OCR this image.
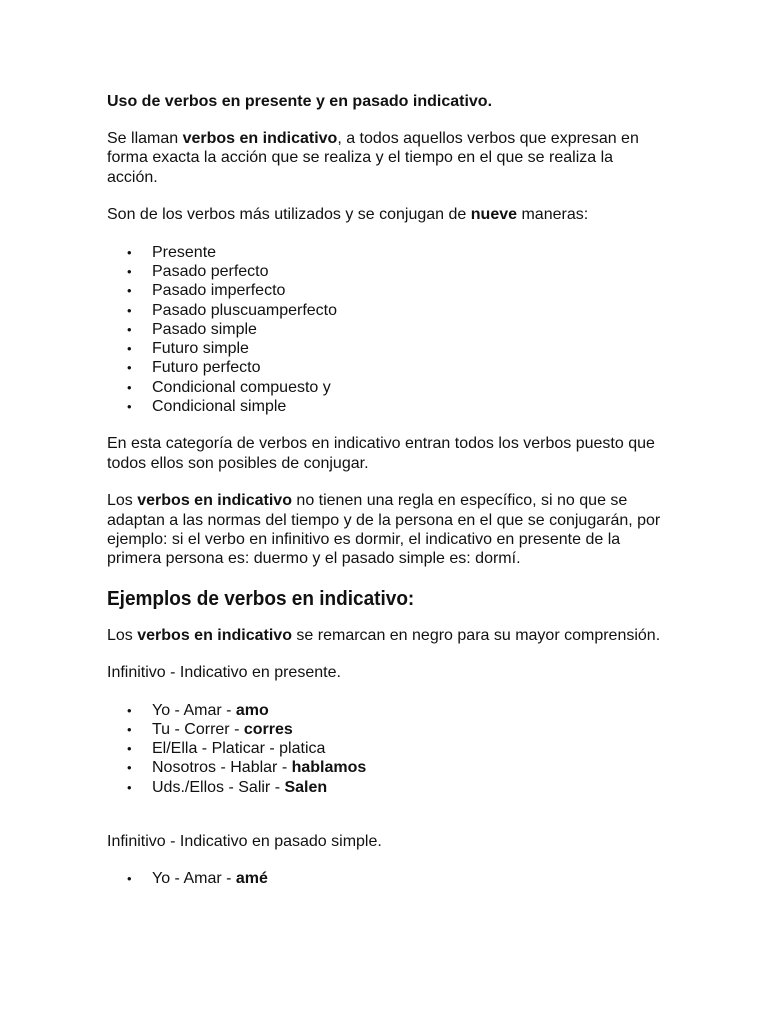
Uso de verbos en presente y en pasado indicativo.

Se llaman verbos en indicativo, a todos aquellos verbos que expresan en forma exacta la acción que se realiza y el tiempo en el que se realiza la acción.

Son de los verbos más utilizados y se conjugan de nueve maneras:

• Presente
• Pasado perfecto
• Pasado imperfecto
• Pasado pluscuamperfecto
• Pasado simple
• Futuro simple
• Futuro perfecto
• Condicional compuesto y
• Condicional simple

En esta categoría de verbos en indicativo entran todos los verbos puesto que todos ellos son posibles de conjugar.

Los verbos en indicativo no tienen una regla en específico, si no que se adaptan a las normas del tiempo y de la persona en el que se conjugarán, por ejemplo: si el verbo en infinitivo es dormir, el indicativo en presente de la primera persona es: duermo y el pasado simple es: dormí.

Ejemplos de verbos en indicativo:

Los verbos en indicativo se remarcan en negro para su mayor comprensión.

Infinitivo - Indicativo en presente.

• Yo - Amar - amo
• Tu - Correr - corres
• El/Ella - Platicar - platica
• Nosotros - Hablar - hablamos
• Uds./Ellos - Salir - Salen

Infinitivo - Indicativo en pasado simple.

• Yo - Amar - amé
